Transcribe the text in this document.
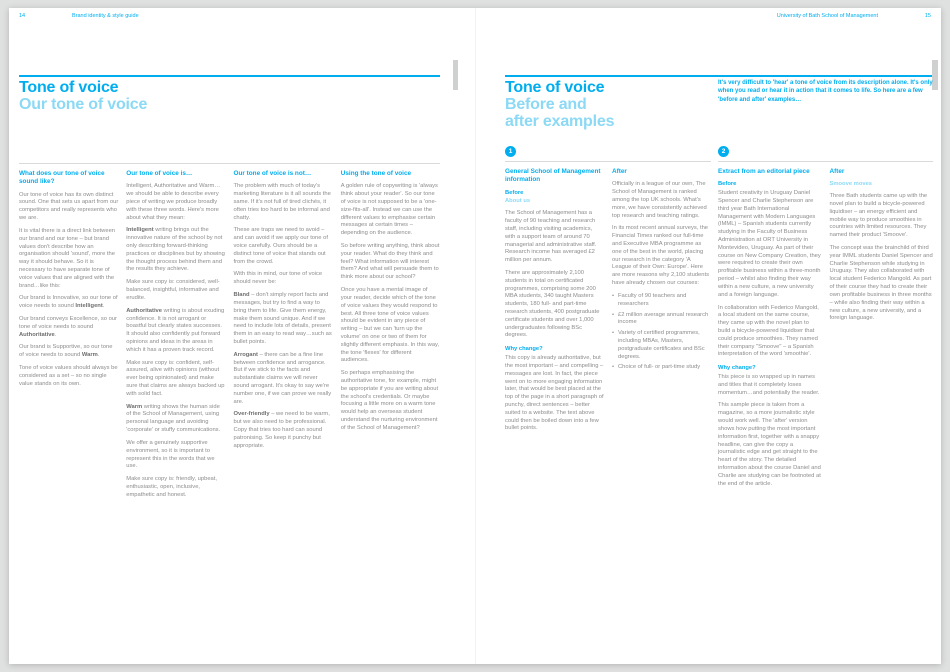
14	Brand identity & style guide	University of Bath School of Management	15
Tone of voice
Our tone of voice
What does our tone of voice sound like?

Our tone of voice has its own distinct sound. One that sets us apart from our competitors and really represents who we are.

It is vital there is a direct link between our brand and our tone – but brand values don't describe how an organisation should 'sound', more the way it should behave. So it is necessary to have separate tone of voice values that are aligned with the brand…like this:

Our brand is Innovative, so our tone of voice needs to sound Intelligent.

Our brand conveys Excellence, so our tone of voice needs to sound Authoritative.

Our brand is Supportive, so our tone of voice needs to sound Warm.

Tone of voice values should always be considered as a set – so no single value stands on its own.

Our tone of voice is…

Intelligent, Authoritative and Warm…we should be able to describe every piece of writing we produce broadly with these three words. Here's more about what they mean:

Intelligent writing brings out the innovative nature of the school by not only describing forward-thinking practices or disciplines but by showing the thought process behind them and the results they achieve.

Make sure copy is: considered, well-balanced, insightful, informative and erudite.

Authoritative writing is about exuding confidence. It is not arrogant or boastful but clearly states successes. It should also confidently put forward opinions and ideas in the areas in which it has a proven track record.

Make sure copy is: confident, self-assured, alive with opinions (without ever being opinionated) and make sure that claims are always backed up with solid fact.

Warm writing shows the human side of the School of Management, using personal language and avoiding 'corporate' or stuffy communications.

We offer a genuinely supportive environment, so it is important to represent this in the words that we use.

Make sure copy is: friendly, upbeat, enthusiastic, open, inclusive, empathetic and honest.

Our tone of voice is not…

The problem with much of today's marketing literature is it all sounds the same. If it's not full of tired clichés, it often tries too hard to be informal and chatty.

These are traps we need to avoid – and can avoid if we apply our tone of voice carefully. Ours should be a distinct tone of voice that stands out from the crowd.

With this in mind, our tone of voice should never be:

Bland – don't simply report facts and messages, but try to find a way to bring them to life. Give them energy, make them sound unique. And if we need to include lots of details, present them in an easy to read way…such as bullet points.

Arrogant – there can be a fine line between confidence and arrogance. But if we stick to the facts and substantiate claims we will never sound arrogant. It's okay to say we're number one, if we can prove we really are.

Over-friendly – we need to be warm, but we also need to be professional. Copy that tries too hard can sound patronising. So keep it punchy but appropriate.

Using the tone of voice

A golden rule of copywriting is 'always think about your reader'. So our tone of voice is not supposed to be a 'one-size-fits-all'. Instead we can use the different values to emphasise certain messages at certain times – depending on the audience.

So before writing anything, think about your reader. What do they think and feel? What information will interest them? And what will persuade them to think more about our school?

Once you have a mental image of your reader, decide which of the tone of voice values they would respond to best. All three tone of voice values should be evident in any piece of writing – but we can 'turn up the volume' on one or two of them for slightly different emphasis. In this way, the tone 'flexes' for different audiences.

So perhaps emphasising the authoritative tone, for example, might be appropriate if you are writing about the school's credentials. Or maybe focusing a little more on a warm tone would help an overseas student understand the nurturing environment of the School of Management?

Tone of voice
Before and
after examples
It's very difficult to 'hear' a tone of voice from its description alone. It's only when you read or hear it in action that it comes to life. So here are a few 'before and after' examples…
1
General School of Management information
Before
About us

The School of Management has a faculty of 90 teaching and research staff, including visiting academics, with a support team of around 70 managerial and administrative staff. Research income has averaged £2 million per annum.

There are approximately 2,100 students in total on certificated programmes, comprising some 200 MBA students, 340 taught Masters students, 180 full- and part-time research students, 400 postgraduate certificate students and over 1,000 undergraduates following BSc degrees.

Why change?

This copy is already authoritative, but the most important – and compelling – messages are lost. In fact, the piece went on to more engaging information later, that would be best placed at the top of the page in a short paragraph of punchy, direct sentences – better suited to a website. The text above could then be boiled down into a few bullet points.

After

Officially in a league of our own, The School of Management is ranked among the top UK schools. What's more, we have consistently achieved top research and teaching ratings.

In its most recent annual surveys, the Financial Times ranked our full-time and Executive MBA programme as one of the best in the world, placing our research in the category 'A League of their Own: Europe'. Here are more reasons why 2,100 students have already chosen our courses:

• Faculty of 90 teachers and researchers
• £2 million average annual research income
• Variety of certified programmes, including MBAs, Masters, postgraduate certificates and BSc degrees.
• Choice of full- or part-time study
2
Extract from an editorial piece
Before

Student creativity in Uruguay Daniel Spencer and Charlie Stephenson are third year Bath International Management with Modern Languages (IMML) – Spanish students currently studying in the Faculty of Business Administration at ORT University in Montevideo, Uruguay. As part of their course on New Company Creation, they were required to create their own profitable business within a three-month period – whilst also finding their way within a new culture, a new university and a foreign language.

In collaboration with Federico Mangold, a local student on the same course, they came up with the novel plan to build a bicycle-powered liquidiser that could produce smoothies. They named their company "Smoove" – a Spanish interpretation of the word 'smoothie'.

Why change?

This piece is so wrapped up in names and titles that it completely loses momentum…and potentially the reader.

This sample piece is taken from a magazine, so a more journalistic style would work well. The 'after' version shows how putting the most important information first, together with a snappy headline, can give the copy a journalistic edge and get straight to the heart of the story. The detailed information about the course Daniel and Charlie are studying can be footnoted at the end of the article.

After
Smoove moves

Three Bath students came up with the novel plan to build a bicycle-powered liquidiser – an energy efficient and mobile way to produce smoothies in countries with limited resources. They named their product 'Smoove'.

The concept was the brainchild of third year IMML students Daniel Spencer and Charlie Stephenson while studying in Uruguay. They also collaborated with local student Federico Mangold. As part of their course they had to create their own profitable business in three months – while also finding their way within a new culture, a new university, and a foreign language.
